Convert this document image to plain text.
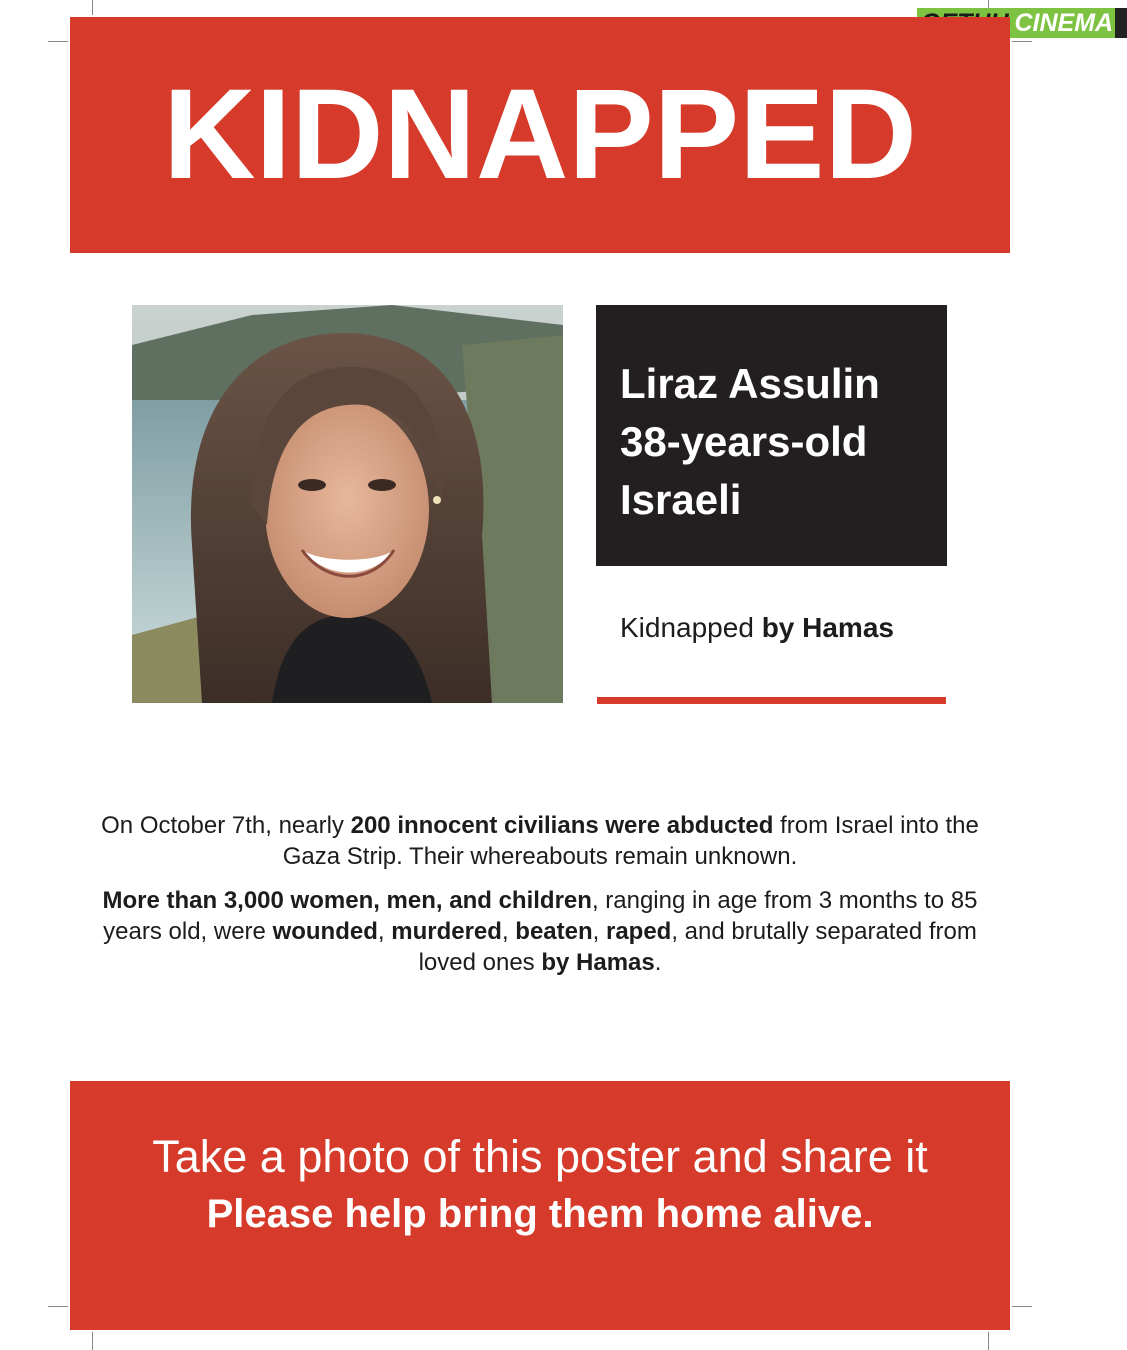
CINEMA
KIDNAPPED
Liraz Assulin
38-years-old
Israeli
Kidnapped by Hamas

On October 7th, nearly 200 innocent civilians were abducted from Israel into the Gaza Strip. Their whereabouts remain unknown.

More than 3,000 women, men, and children, ranging in age from 3 months to 85 years old, were wounded, murdered, beaten, raped, and brutally separated from loved ones by Hamas.

Take a photo of this poster and share it
Please help bring them home alive.
